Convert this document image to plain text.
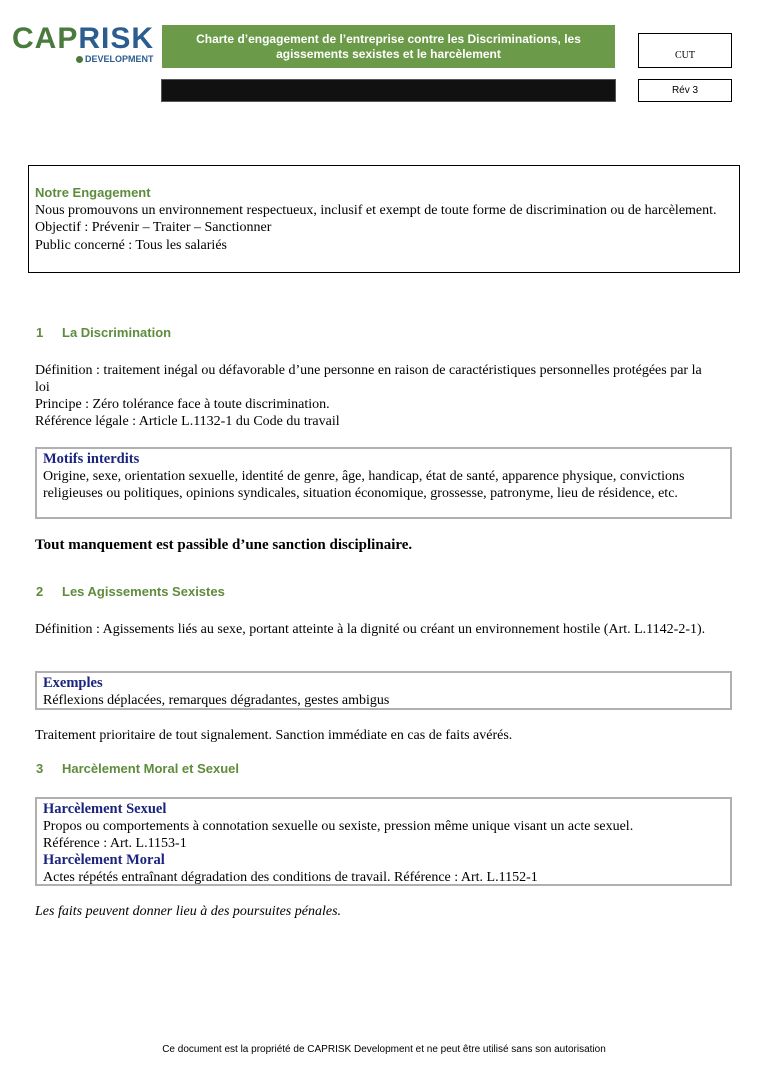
CAPRISK
DEVELOPMENT
Charte d’engagement de l’entreprise contre les Discriminations, les agissements sexistes et le harcèlement	CUT
Rév 3
Notre Engagement
Nous promouvons un environnement respectueux, inclusif et exempt de toute forme de discrimination ou de harcèlement.
Objectif : Prévenir – Traiter – Sanctionner
Public concerné : Tous les salariés
1 La Discrimination
Définition : traitement inégal ou défavorable d’une personne en raison de caractéristiques personnelles protégées par la loi
Principe : Zéro tolérance face à toute discrimination.
Référence légale : Article L.1132-1 du Code du travail
Motifs interdits
Origine, sexe, orientation sexuelle, identité de genre, âge, handicap, état de santé, apparence physique, convictions religieuses ou politiques, opinions syndicales, situation économique, grossesse, patronyme, lieu de résidence, etc.
Tout manquement est passible d’une sanction disciplinaire.
2 Les Agissements Sexistes
Définition : Agissements liés au sexe, portant atteinte à la dignité ou créant un environnement hostile (Art. L.1142-2-1).
Exemples
Réflexions déplacées, remarques dégradantes, gestes ambigus
Traitement prioritaire de tout signalement. Sanction immédiate en cas de faits avérés.
3 Harcèlement Moral et Sexuel
Harcèlement Sexuel
Propos ou comportements à connotation sexuelle ou sexiste, pression même unique visant un acte sexuel.
Référence : Art. L.1153-1
Harcèlement Moral
Actes répétés entraînant dégradation des conditions de travail. Référence : Art. L.1152-1
Les faits peuvent donner lieu à des poursuites pénales.
Ce document est la propriété de CAPRISK Development et ne peut être utilisé sans son autorisation
